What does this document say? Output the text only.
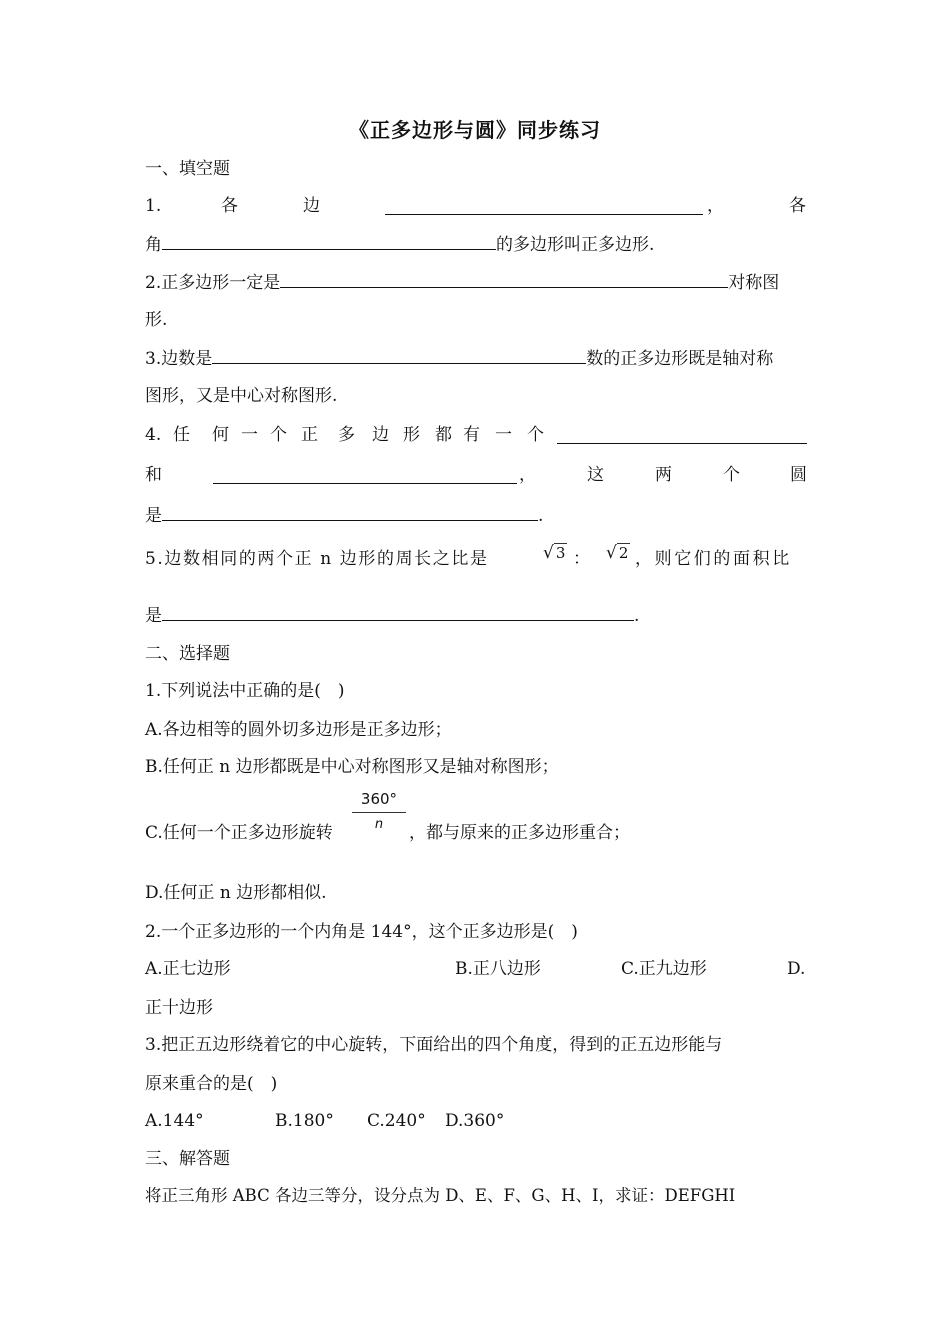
《正多边形与圆》同步练习
一、填空题
1.	各	边	，	各
角	的多边形叫正多边形.
2.正多边形一定是	对称图
形.
3.边数是	数的正多边形既是轴对称
图形，又是中心对称图形.
4. 任 何 一 个 正 多 边 形 都 有 一 个
和	，	这	两	个	圆
是	.
5.边数相同的两个正 n 边形的周长之比是	√ 3 ： √ 2 ，则它们的面积比
是	.
二、选择题
1.下列说法中正确的是(　)
A.各边相等的圆外切多边形是正多边形；
B.任何正 n 边形都既是中心对称图形又是轴对称图形；
C.任何一个正多边形旋转	，都与原来的正多边形重合；
$\frac{360^\circ}{n}$
D.任何正 n 边形都相似.
2.一个正多边形的一个内角是 144°，这个正多边形是(　)
A.正七边形	B.正八边形	C.正九边形	D.
正十边形
3.把正五边形绕着它的中心旋转，下面给出的四个角度，得到的正五边形能与
原来重合的是(　)
A.144°	B.180° C.240° D.360°
三、解答题
将正三角形 ABC 各边三等分，设分点为 D、E、F、G、H、I，求证：DEFGHI
